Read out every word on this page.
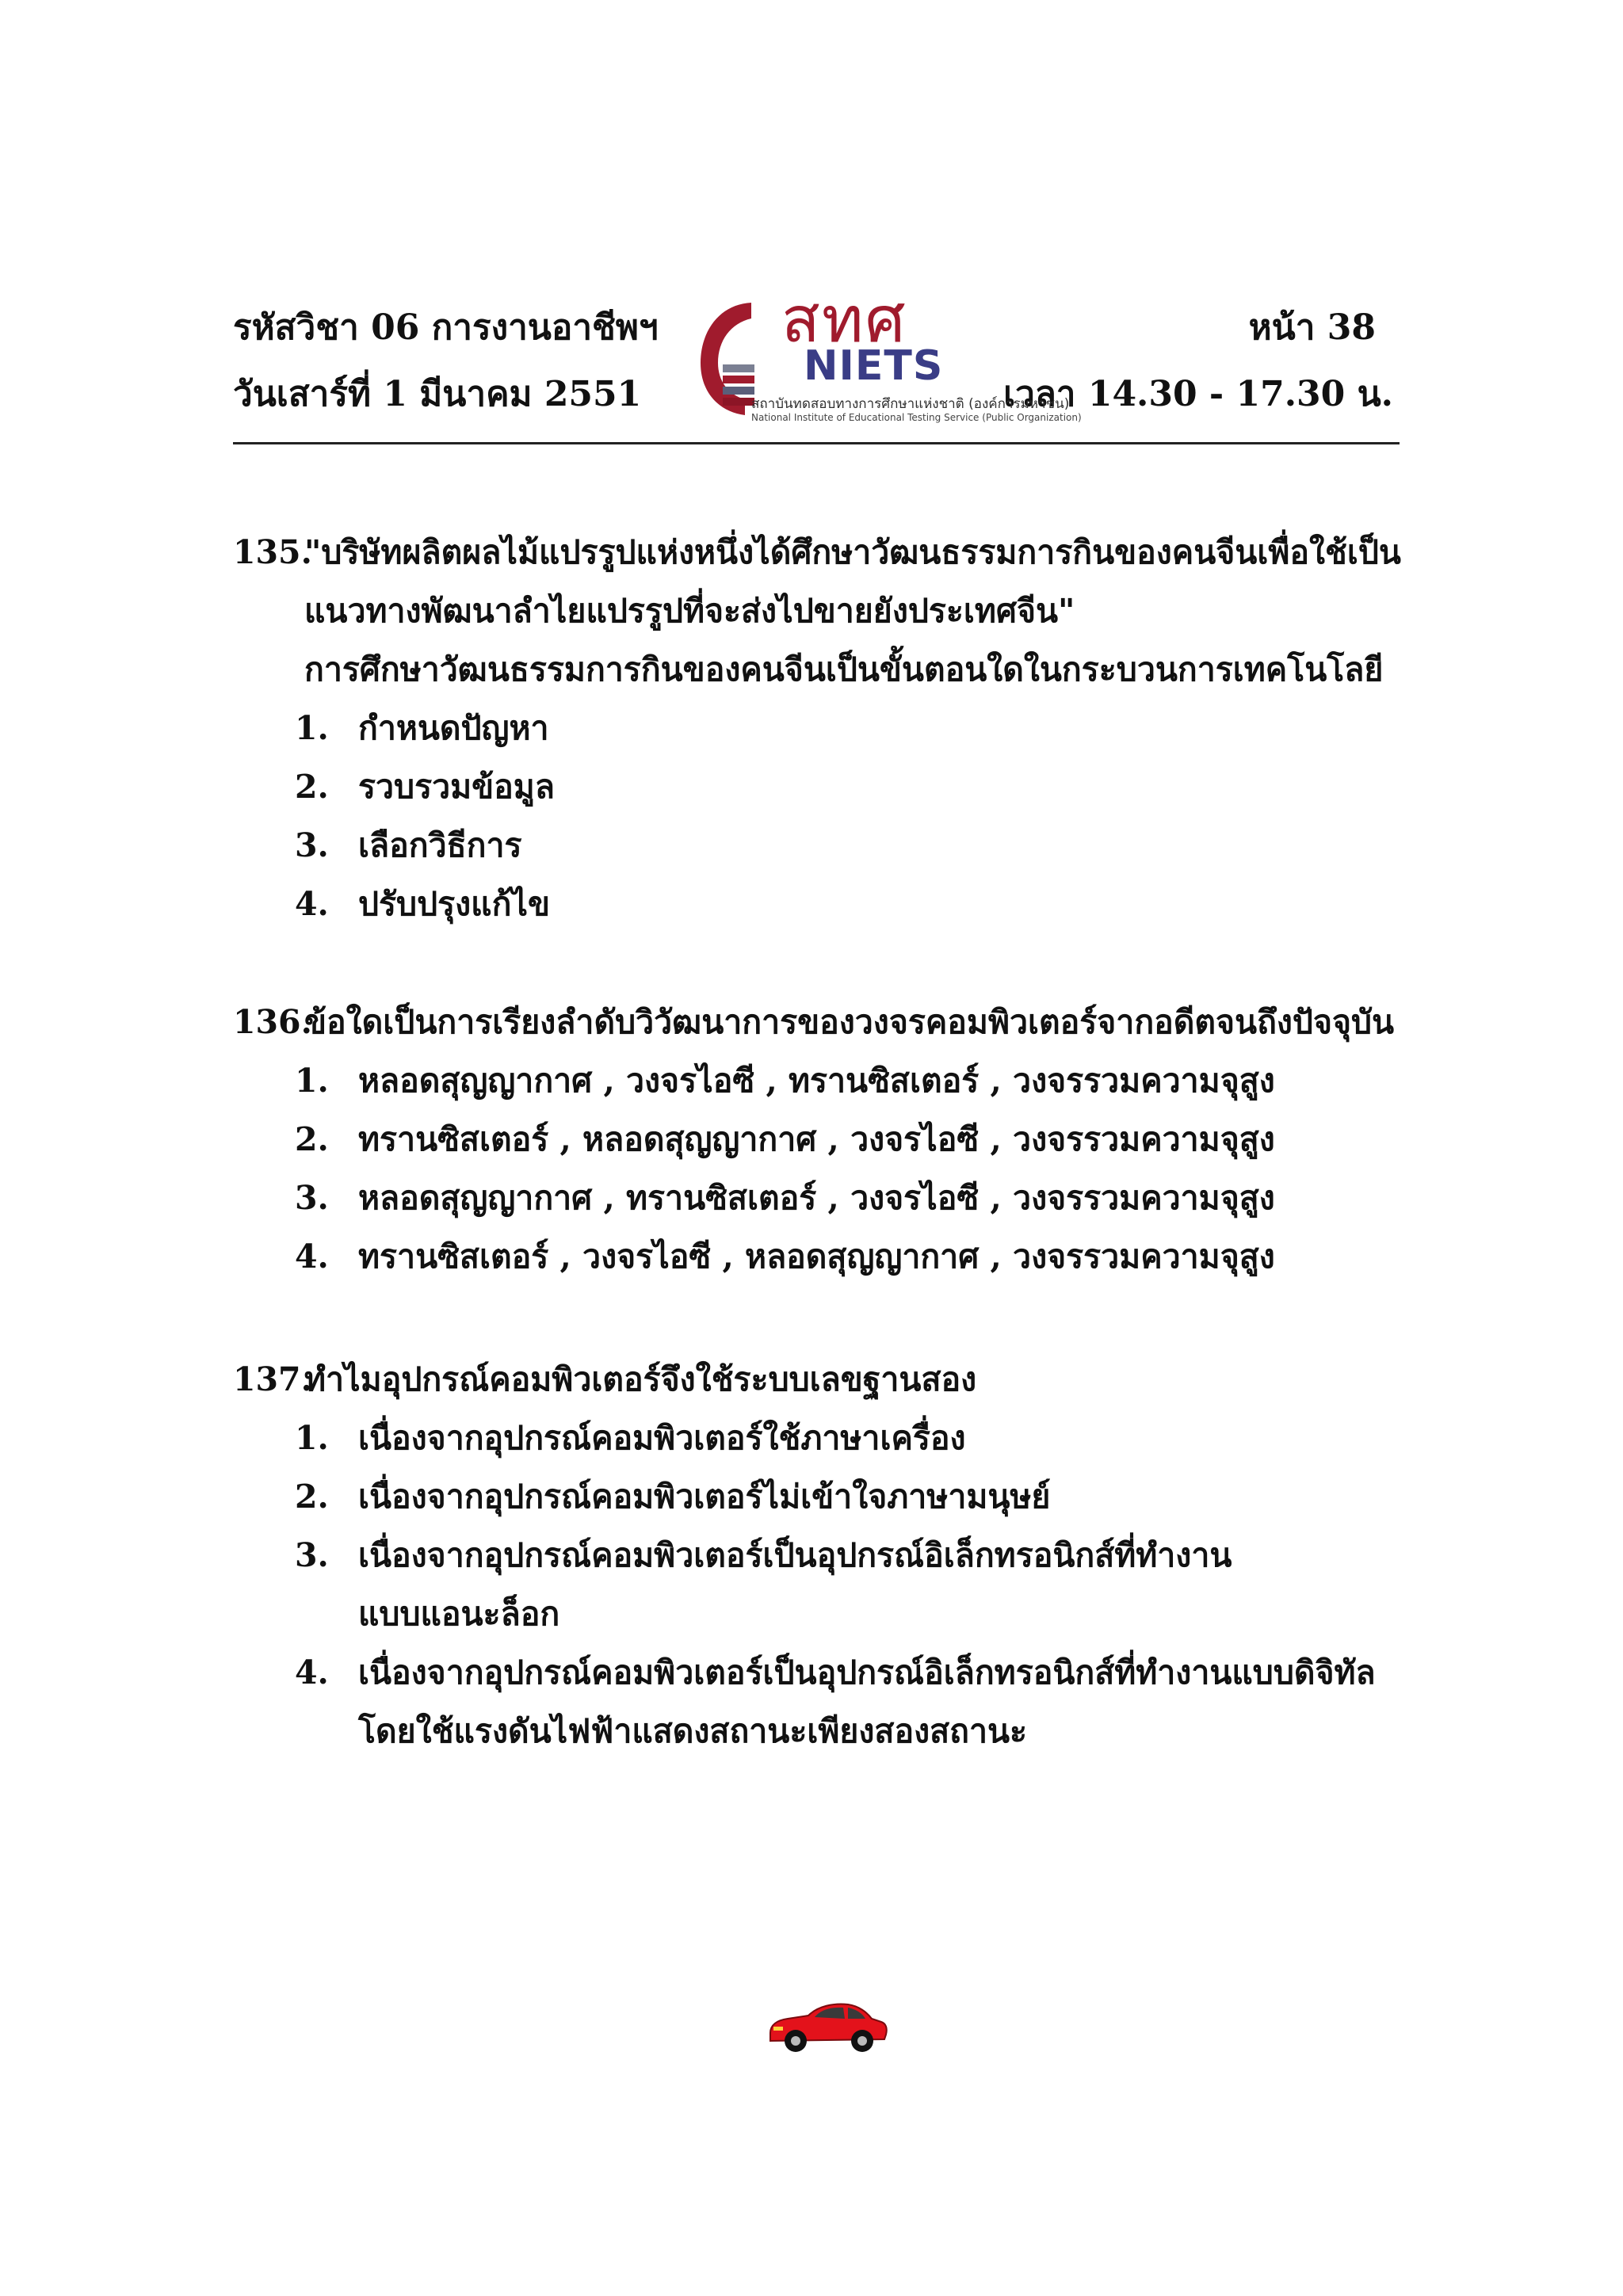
รหัสวิชา 06 การงานอาชีพฯ
วันเสาร์ที่ 1 มีนาคม 2551
หน้า 38
เวลา 14.30 - 17.30 น.
สทศ
NIETS
สถาบันทดสอบทางการศึกษาแห่งชาติ (องค์การมหาชน)
National Institute of Educational Testing Service (Public Organization)
135.
"บริษัทผลิตผลไม้แปรรูปแห่งหนึ่งได้ศึกษาวัฒนธรรมการกินของคนจีนเพื่อใช้เป็น
แนวทางพัฒนาลำไยแปรรูปที่จะส่งไปขายยังประเทศจีน"
การศึกษาวัฒนธรรมการกินของคนจีนเป็นขั้นตอนใดในกระบวนการเทคโนโลยี
1. กำหนดปัญหา
2. รวบรวมข้อมูล
3. เลือกวิธีการ
4. ปรับปรุงแก้ไข
136.
ข้อใดเป็นการเรียงลำดับวิวัฒนาการของวงจรคอมพิวเตอร์จากอดีตจนถึงปัจจุบัน
1. หลอดสุญญากาศ , วงจรไอซี , ทรานซิสเตอร์ , วงจรรวมความจุสูง
2. ทรานซิสเตอร์ , หลอดสุญญากาศ , วงจรไอซี , วงจรรวมความจุสูง
3. หลอดสุญญากาศ , ทรานซิสเตอร์ , วงจรไอซี , วงจรรวมความจุสูง
4. ทรานซิสเตอร์ , วงจรไอซี , หลอดสุญญากาศ , วงจรรวมความจุสูง
137.
ทำไมอุปกรณ์คอมพิวเตอร์จึงใช้ระบบเลขฐานสอง
1. เนื่องจากอุปกรณ์คอมพิวเตอร์ใช้ภาษาเครื่อง
2. เนื่องจากอุปกรณ์คอมพิวเตอร์ไม่เข้าใจภาษามนุษย์
3. เนื่องจากอุปกรณ์คอมพิวเตอร์เป็นอุปกรณ์อิเล็กทรอนิกส์ที่ทำงาน
แบบแอนะล็อก
4. เนื่องจากอุปกรณ์คอมพิวเตอร์เป็นอุปกรณ์อิเล็กทรอนิกส์ที่ทำงานแบบดิจิทัล
โดยใช้แรงดันไฟฟ้าแสดงสถานะเพียงสองสถานะ
